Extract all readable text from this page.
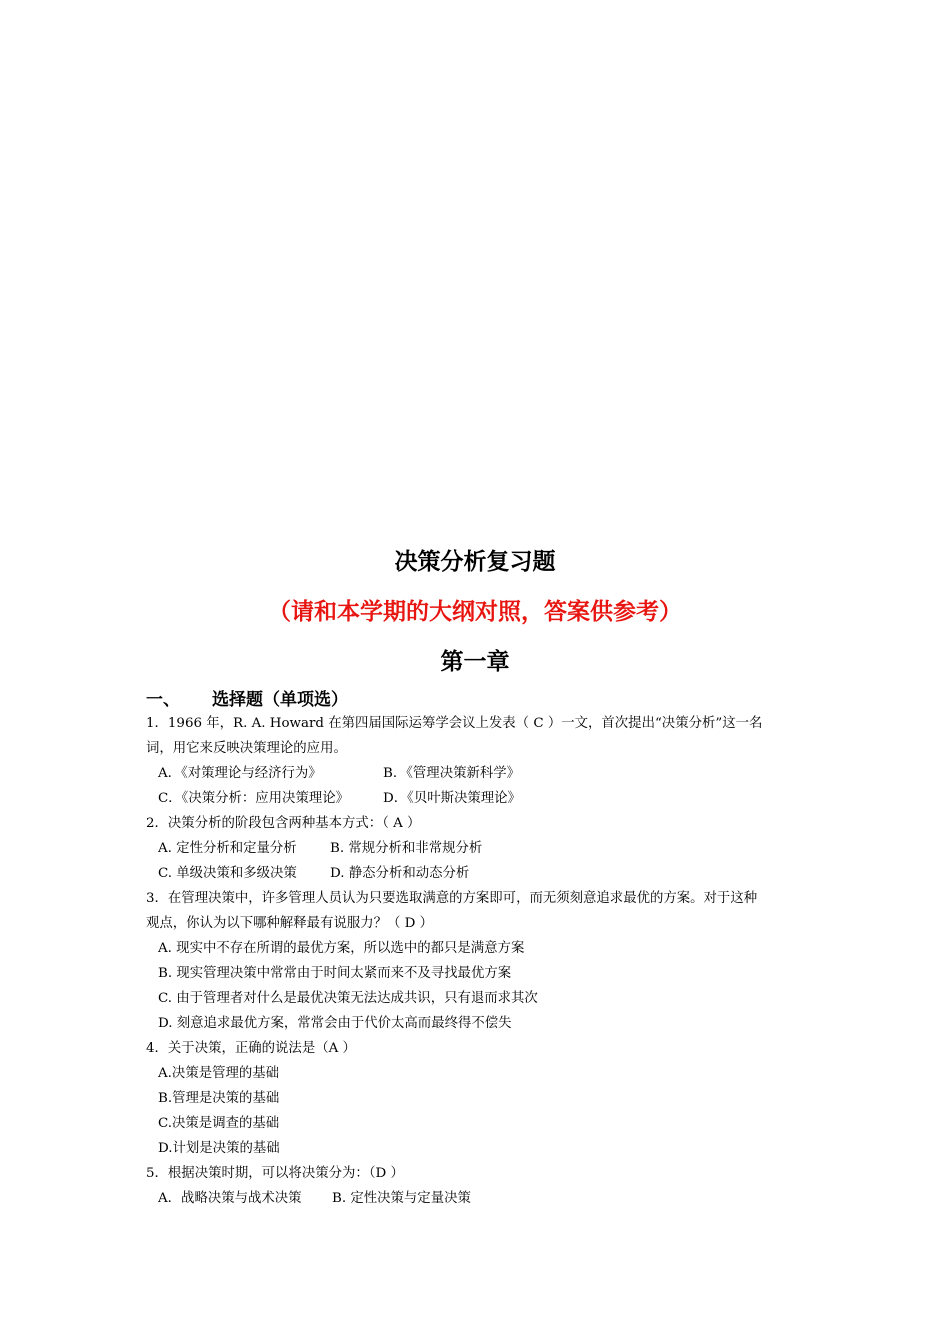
决策分析复习题
（请和本学期的大纲对照，答案供参考）
第一章
一、 选择题（单项选）
1．1966 年，R. A. Howard 在第四届国际运筹学会议上发表（ C ）一文，首次提出“决策分析”这一名
词，用它来反映决策理论的应用。
A．《对策理论与经济行为》	B．《管理决策新科学》
C．《决策分析：应用决策理论》	D．《贝叶斯决策理论》
2．决策分析的阶段包含两种基本方式：（ A ）
A. 定性分析和定量分析 B. 常规分析和非常规分析
C. 单级决策和多级决策 D. 静态分析和动态分析
3．在管理决策中，许多管理人员认为只要选取满意的方案即可，而无须刻意追求最优的方案。对于这种
观点，你认为以下哪种解释最有说服力？（ D ）
A. 现实中不存在所谓的最优方案，所以选中的都只是满意方案
B. 现实管理决策中常常由于时间太紧而来不及寻找最优方案
C. 由于管理者对什么是最优决策无法达成共识，只有退而求其次
D. 刻意追求最优方案，常常会由于代价太高而最终得不偿失
4．关于决策，正确的说法是（A ）
A.决策是管理的基础
B.管理是决策的基础
C.决策是调查的基础
D.计划是决策的基础
5．根据决策时期，可以将决策分为：（D ）
A．战略决策与战术决策 B. 定性决策与定量决策
